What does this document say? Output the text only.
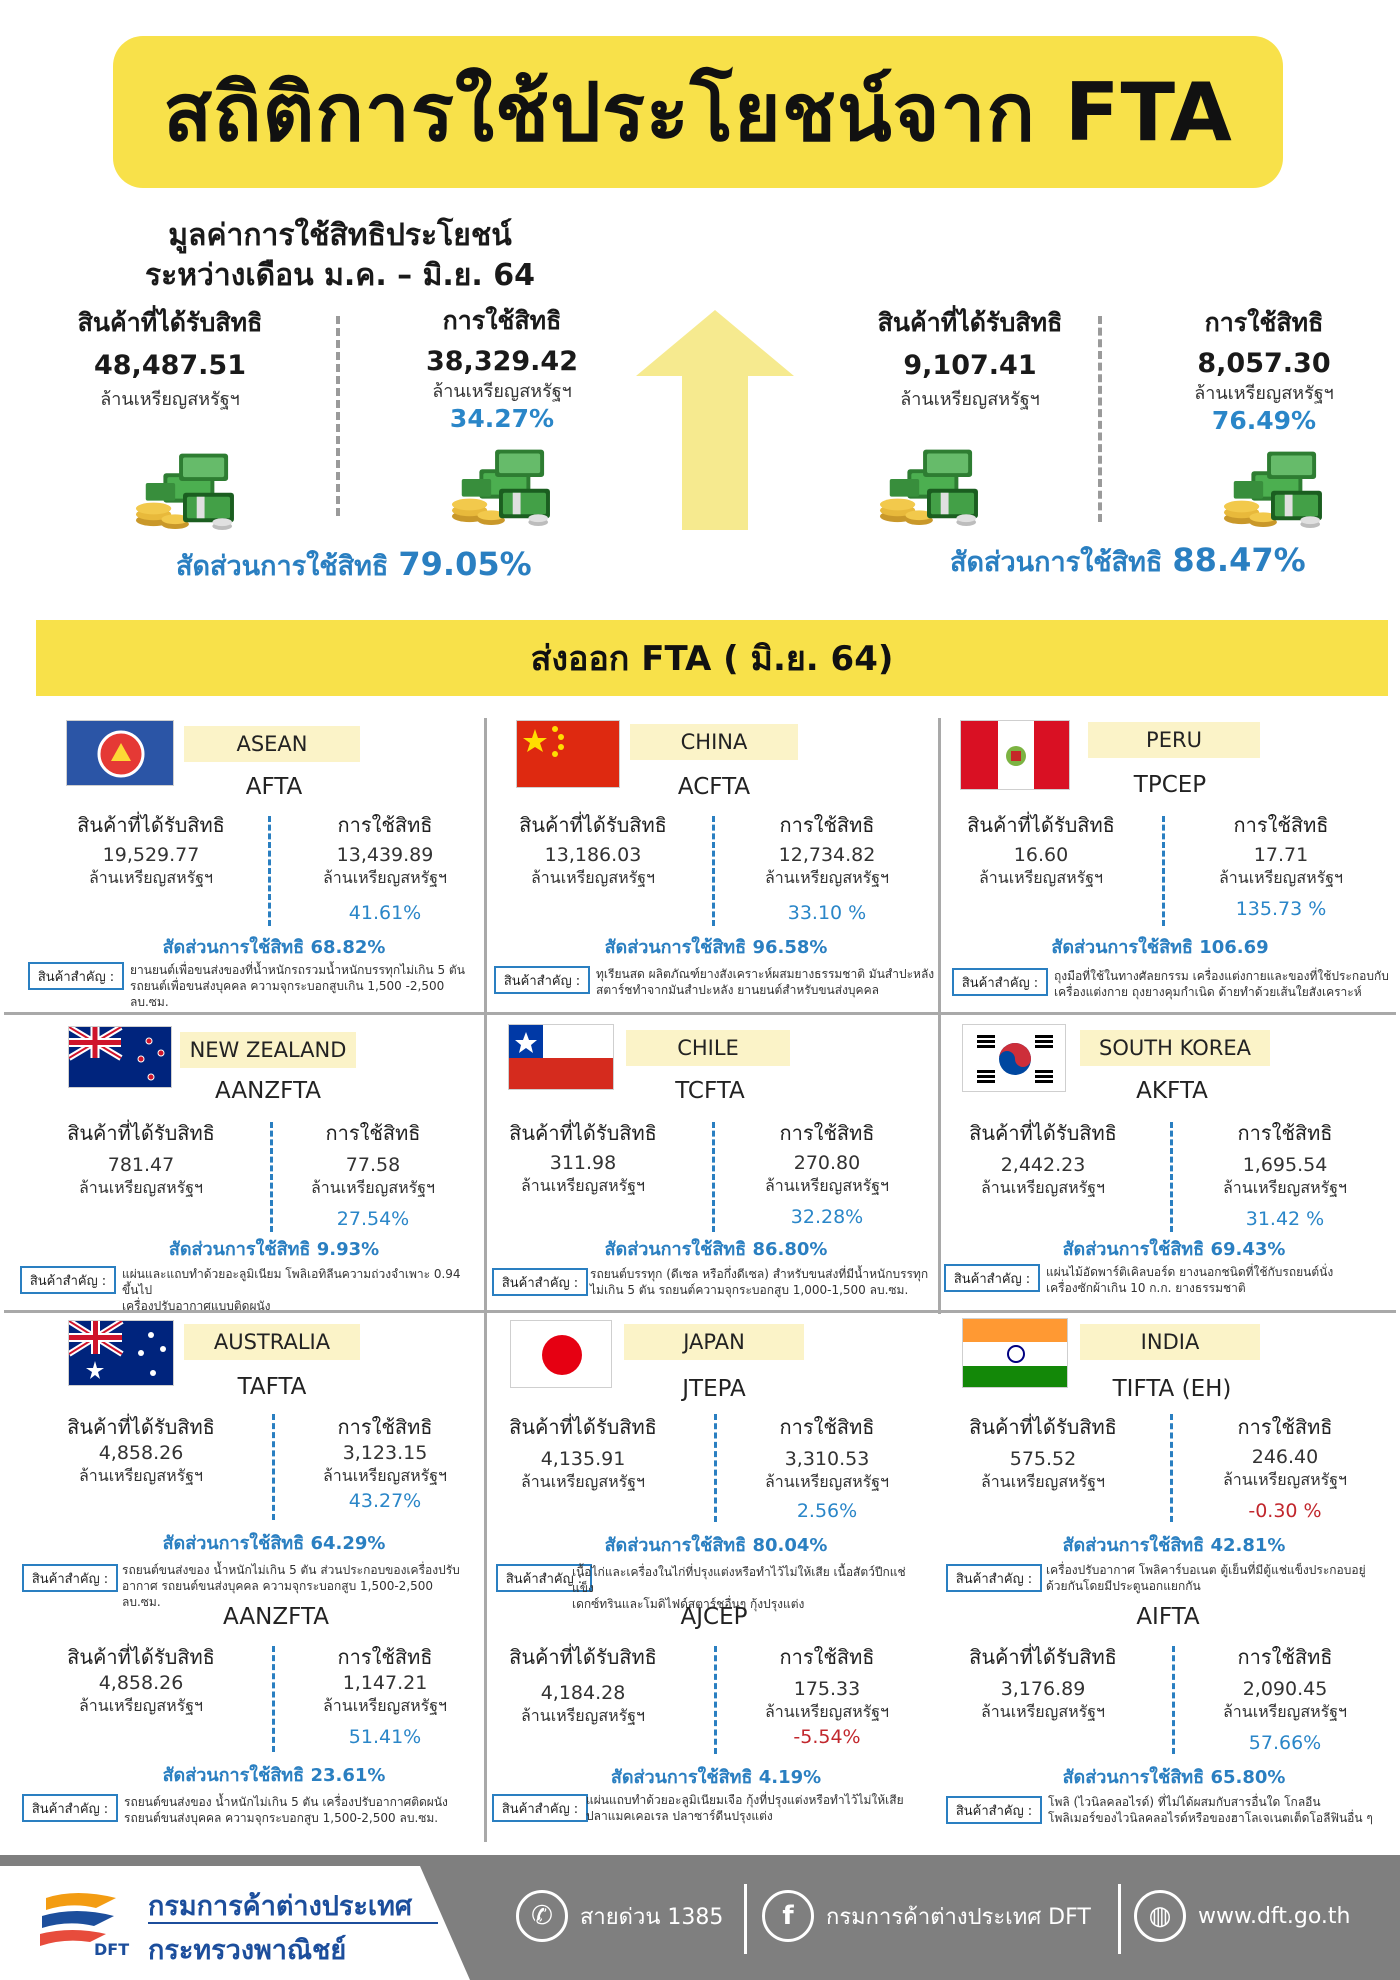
สถิติการใช้ประโยชน์จาก FTA
มูลค่าการใช้สิทธิประโยชน์
ระหว่างเดือน ม.ค. – มิ.ย. 64
สินค้าที่ได้รับสิทธิ
48,487.51
ล้านเหรียญสหรัฐฯ
การใช้สิทธิ
38,329.42
ล้านเหรียญสหรัฐฯ
34.27%
สัดส่วนการใช้สิทธิ 79.05%
สินค้าที่ได้รับสิทธิ
9,107.41
ล้านเหรียญสหรัฐฯ
การใช้สิทธิ
8,057.30
ล้านเหรียญสหรัฐฯ
76.49%
สัดส่วนการใช้สิทธิ 88.47%
ส่งออก FTA ( มิ.ย. 64)
ASEAN
AFTA
สินค้าที่ได้รับสิทธิ
19,529.77
ล้านเหรียญสหรัฐฯ
การใช้สิทธิ
13,439.89
ล้านเหรียญสหรัฐฯ
41.61%
สัดส่วนการใช้สิทธิ 68.82%
สินค้าสำคัญ :	ยานยนต์เพื่อขนส่งของที่น้ำหนักรถรวมน้ำหนักบรรทุกไม่เกิน 5 ตัน
รถยนต์เพื่อขนส่งบุคคล ความจุกระบอกสูบเกิน 1,500 -2,500 ลบ.ซม.
CHINA
ACFTA
สินค้าที่ได้รับสิทธิ
13,186.03
ล้านเหรียญสหรัฐฯ
การใช้สิทธิ
12,734.82
ล้านเหรียญสหรัฐฯ
33.10 %
สัดส่วนการใช้สิทธิ 96.58%
สินค้าสำคัญ :	ทุเรียนสด ผลิตภัณฑ์ยางสังเคราะห์ผสมยางธรรมชาติ มันสำปะหลัง
สตาร์ชทำจากมันสำปะหลัง ยานยนต์สำหรับขนส่งบุคคล
PERU
TPCEP
สินค้าที่ได้รับสิทธิ
16.60
ล้านเหรียญสหรัฐฯ
การใช้สิทธิ
17.71
ล้านเหรียญสหรัฐฯ
135.73 %
สัดส่วนการใช้สิทธิ 106.69
สินค้าสำคัญ :	ถุงมือที่ใช้ในทางศัลยกรรม เครื่องแต่งกายและของที่ใช้ประกอบกับ
เครื่องแต่งกาย ถุงยางคุมกำเนิด ด้ายทำด้วยเส้นใยสังเคราะห์
NEW ZEALAND
AANZFTA
สินค้าที่ได้รับสิทธิ
781.47
ล้านเหรียญสหรัฐฯ
การใช้สิทธิ
77.58
ล้านเหรียญสหรัฐฯ
27.54%
สัดส่วนการใช้สิทธิ 9.93%
สินค้าสำคัญ :	แผ่นและแถบทำด้วยอะลูมิเนียม โพลิเอทิลีนความถ่วงจำเพาะ 0.94 ขึ้นไป
เครื่องปรับอากาศแบบติดผนัง
CHILE
TCFTA
สินค้าที่ได้รับสิทธิ
311.98
ล้านเหรียญสหรัฐฯ
การใช้สิทธิ
270.80
ล้านเหรียญสหรัฐฯ
32.28%
สัดส่วนการใช้สิทธิ 86.80%
สินค้าสำคัญ :
รถยนต์บรรทุก (ดีเซล หรือกึ่งดีเซล) สำหรับขนส่งที่มีน้ำหนักบรรทุก
ไม่เกิน 5 ตัน รถยนต์ความจุกระบอกสูบ 1,000-1,500 ลบ.ซม.
SOUTH KOREA
AKFTA
สินค้าที่ได้รับสิทธิ
2,442.23
ล้านเหรียญสหรัฐฯ
การใช้สิทธิ
1,695.54
ล้านเหรียญสหรัฐฯ
31.42 %
สัดส่วนการใช้สิทธิ 69.43%
สินค้าสำคัญ :	แผ่นไม้อัดพาร์ติเคิลบอร์ด ยางนอกชนิดที่ใช้กับรถยนต์นั่ง
เครื่องซักผ้าเกิน 10 ก.ก. ยางธรรมชาติ
AUSTRALIA
TAFTA
สินค้าที่ได้รับสิทธิ
4,858.26
ล้านเหรียญสหรัฐฯ
การใช้สิทธิ
3,123.15
ล้านเหรียญสหรัฐฯ
43.27%
สัดส่วนการใช้สิทธิ 64.29%
สินค้าสำคัญ :
รถยนต์ขนส่งของ น้ำหนักไม่เกิน 5 ตัน ส่วนประกอบของเครื่องปรับ
อากาศ รถยนต์ขนส่งบุคคล ความจุกระบอกสูบ 1,500-2,500 ลบ.ซม.
AANZFTA
สินค้าที่ได้รับสิทธิ
4,858.26
ล้านเหรียญสหรัฐฯ
การใช้สิทธิ
1,147.21
ล้านเหรียญสหรัฐฯ
51.41%
สัดส่วนการใช้สิทธิ 23.61%
สินค้าสำคัญ :	รถยนต์ขนส่งของ น้ำหนักไม่เกิน 5 ตัน เครื่องปรับอากาศติดผนัง
รถยนต์ขนส่งบุคคล ความจุกระบอกสูบ 1,500-2,500 ลบ.ซม.
JAPAN
JTEPA
สินค้าที่ได้รับสิทธิ
4,135.91
ล้านเหรียญสหรัฐฯ
การใช้สิทธิ
3,310.53
ล้านเหรียญสหรัฐฯ
2.56%
สัดส่วนการใช้สิทธิ 80.04%
สินค้าสำคัญ :
เนื้อไก่และเครื่องในไก่ที่ปรุงแต่งหรือทำไว้ไม่ให้เสีย เนื้อสัตว์ปีกแช่แข็ง
เดกซ์ทรินและโมดิไฟด์สตาร์ชอื่นๆ กุ้งปรุงแต่ง
AJCEP
สินค้าที่ได้รับสิทธิ
4,184.28
ล้านเหรียญสหรัฐฯ
การใช้สิทธิ
175.33
ล้านเหรียญสหรัฐฯ
-5.54%
สัดส่วนการใช้สิทธิ 4.19%
สินค้าสำคัญ :
แผ่นแถบทำด้วยอะลูมิเนียมเจือ กุ้งที่ปรุงแต่งหรือทำไว้ไม่ให้เสีย
ปลาแมคเคอเรล ปลาซาร์ดีนปรุงแต่ง
INDIA
TIFTA (EH)
สินค้าที่ได้รับสิทธิ
575.52
ล้านเหรียญสหรัฐฯ
การใช้สิทธิ
246.40
ล้านเหรียญสหรัฐฯ
-0.30 %
สัดส่วนการใช้สิทธิ 42.81%
สินค้าสำคัญ :
เครื่องปรับอากาศ โพลิคาร์บอเนต ตู้เย็นที่มีตู้แช่แข็งประกอบอยู่
ด้วยกันโดยมีประตูนอกแยกกัน
AIFTA
สินค้าที่ได้รับสิทธิ
3,176.89
ล้านเหรียญสหรัฐฯ
การใช้สิทธิ
2,090.45
ล้านเหรียญสหรัฐฯ
57.66%
สัดส่วนการใช้สิทธิ 65.80%
สินค้าสำคัญ :
โพลิ (ไวนิลคลอไรด์) ที่ไม่ได้ผสมกับสารอื่นใด โกลอีน
โพลิเมอร์ของไวนิลคลอไรด์หรือของฮาโลเจเนตเต็ดโอลีฟินอื่น ๆ
DFT
กรมการค้าต่างประเทศ
กระทรวงพาณิชย์
✆	สายด่วน 1385	f	กรมการค้าต่างประเทศ DFT	◍	www.dft.go.th
